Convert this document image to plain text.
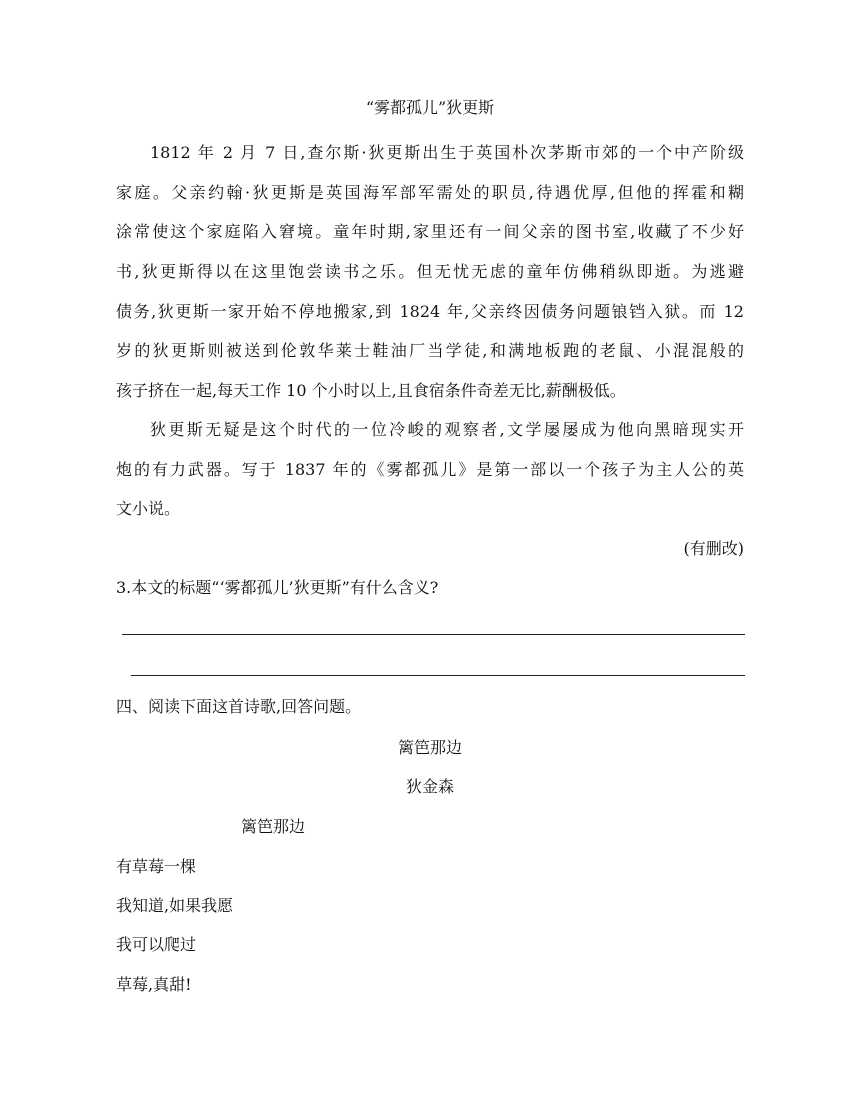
“雾都孤儿”狄更斯
1812 年 2 月 7 日,查尔斯·狄更斯出生于英国朴次茅斯市郊的一个中产阶级
家庭。父亲约翰·狄更斯是英国海军部军需处的职员,待遇优厚,但他的挥霍和糊
涂常使这个家庭陷入窘境。童年时期,家里还有一间父亲的图书室,收藏了不少好
书,狄更斯得以在这里饱尝读书之乐。但无忧无虑的童年仿佛稍纵即逝。为逃避
债务,狄更斯一家开始不停地搬家,到 1824 年,父亲终因债务问题锒铛入狱。而 12
岁的狄更斯则被送到伦敦华莱士鞋油厂当学徒,和满地板跑的老鼠、小混混般的
孩子挤在一起,每天工作 10 个小时以上,且食宿条件奇差无比,薪酬极低。
狄更斯无疑是这个时代的一位冷峻的观察者,文学屡屡成为他向黑暗现实开
炮的有力武器。写于 1837 年的《雾都孤儿》是第一部以一个孩子为主人公的英
文小说。
(有删改)
3.本文的标题“‘雾都孤儿’狄更斯”有什么含义?
四、阅读下面这首诗歌,回答问题。
篱笆那边
狄金森
篱笆那边
有草莓一棵
我知道,如果我愿
我可以爬过
草莓,真甜!
